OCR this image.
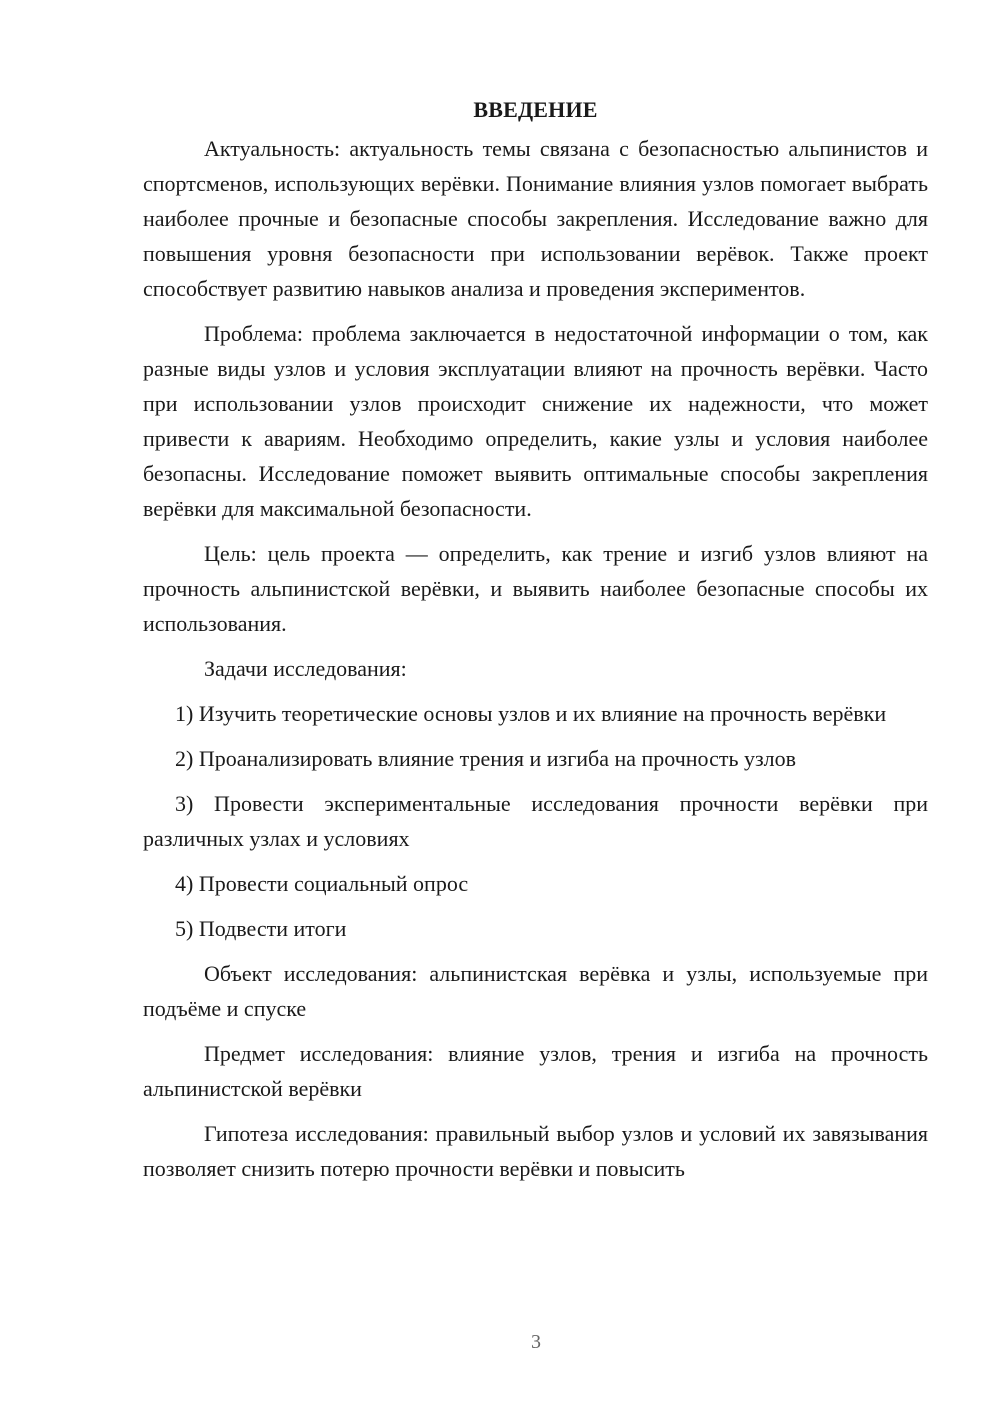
ВВЕДЕНИЕ

Актуальность: актуальность темы связана с безопасностью альпинистов и спортсменов, использующих верёвки. Понимание влияния узлов помогает выбрать наиболее прочные и безопасные способы закрепления. Исследование важно для повышения уровня безопасности при использовании верёвок. Также проект способствует развитию навыков анализа и проведения экспериментов.

Проблема: проблема заключается в недостаточной информации о том, как разные виды узлов и условия эксплуатации влияют на прочность верёвки. Часто при использовании узлов происходит снижение их надежности, что может привести к авариям. Необходимо определить, какие узлы и условия наиболее безопасны. Исследование поможет выявить оптимальные способы закрепления верёвки для максимальной безопасности.

Цель: цель проекта — определить, как трение и изгиб узлов влияют на прочность альпинистской верёвки, и выявить наиболее безопасные способы их использования.

Задачи исследования:

1) Изучить теоретические основы узлов и их влияние на прочность верёвки

2) Проанализировать влияние трения и изгиба на прочность узлов

3) Провести экспериментальные исследования прочности верёвки при различных узлах и условиях

4) Провести социальный опрос

5) Подвести итоги

Объект исследования: альпинистская верёвка и узлы, используемые при подъёме и спуске

Предмет исследования: влияние узлов, трения и изгиба на прочность альпинистской верёвки

Гипотеза исследования: правильный выбор узлов и условий их завязывания позволяет снизить потерю прочности верёвки и повысить

3
